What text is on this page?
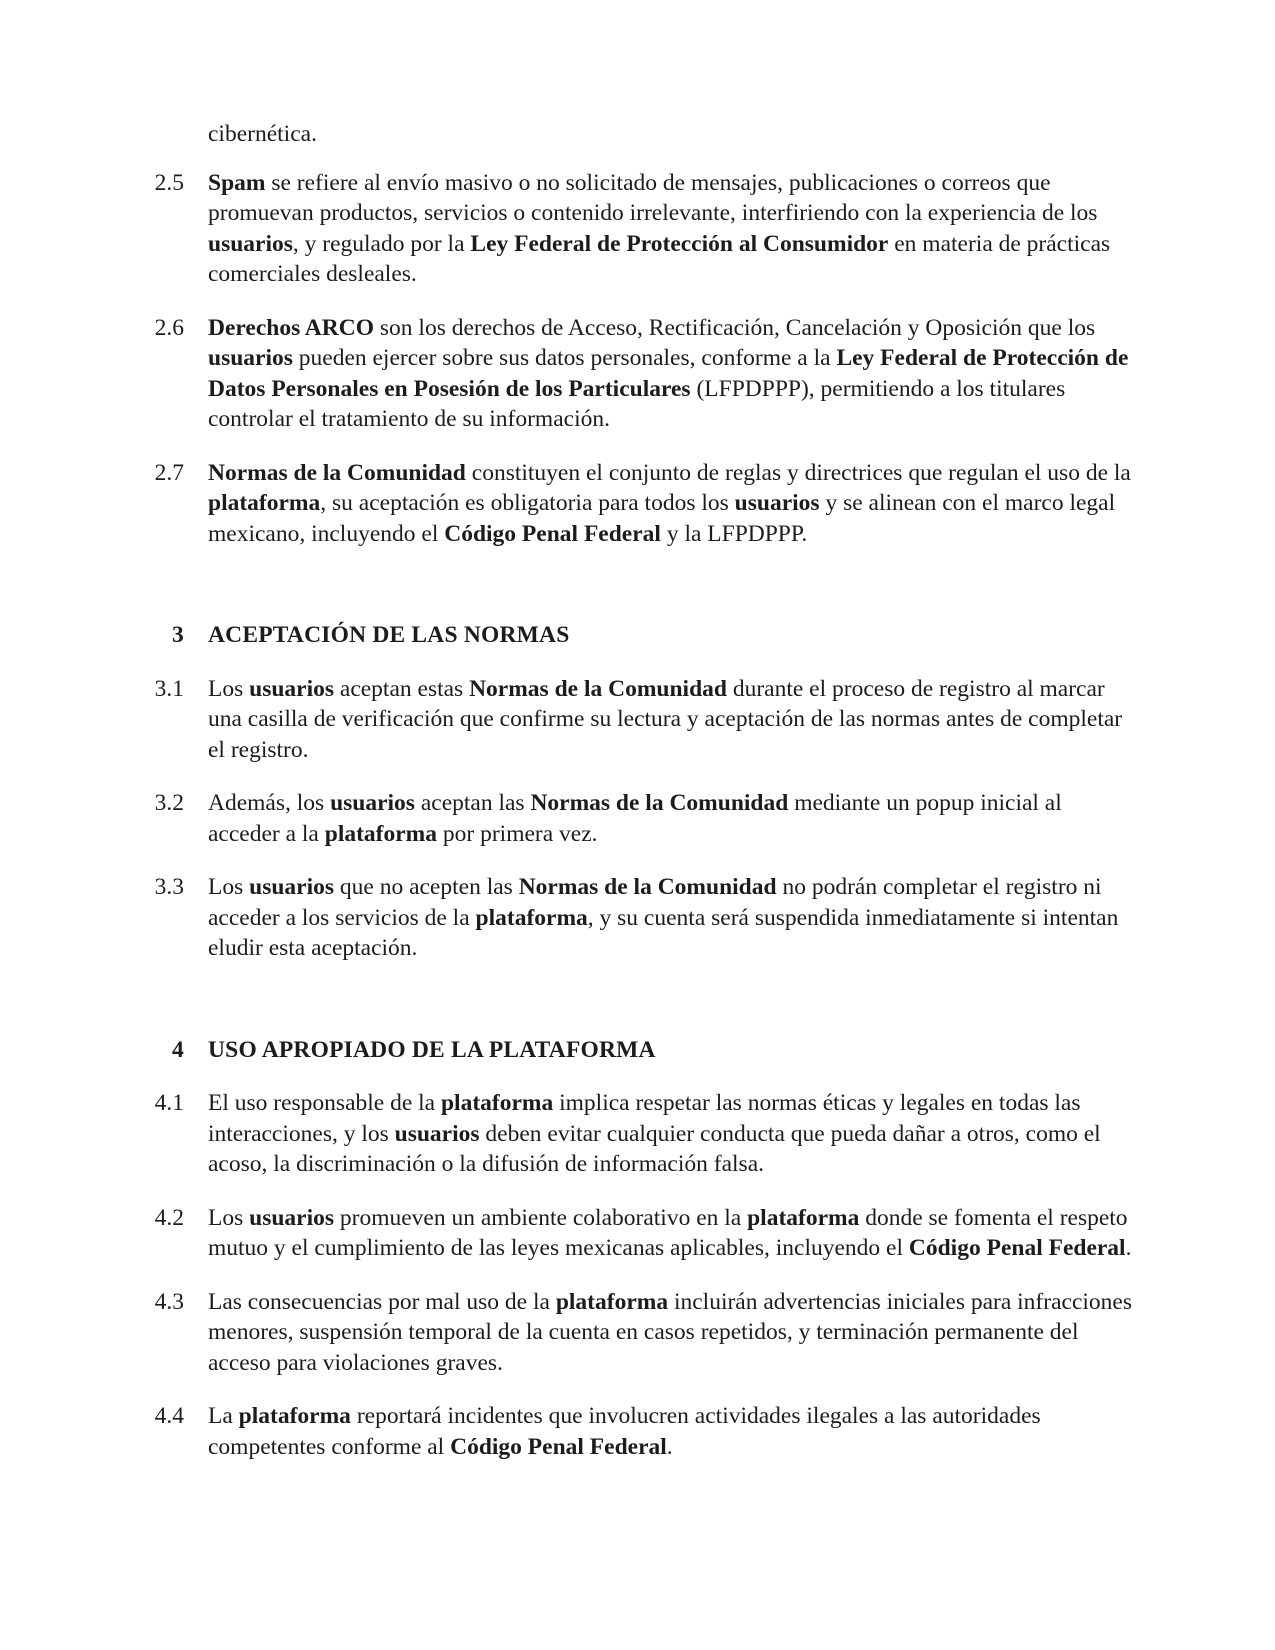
cibernética.
2.5 Spam se refiere al envío masivo o no solicitado de mensajes, publicaciones o correos que promuevan productos, servicios o contenido irrelevante, interfiriendo con la experiencia de los usuarios, y regulado por la Ley Federal de Protección al Consumidor en materia de prácticas comerciales desleales.
2.6 Derechos ARCO son los derechos de Acceso, Rectificación, Cancelación y Oposición que los usuarios pueden ejercer sobre sus datos personales, conforme a la Ley Federal de Protección de Datos Personales en Posesión de los Particulares (LFPDPPP), permitiendo a los titulares controlar el tratamiento de su información.
2.7 Normas de la Comunidad constituyen el conjunto de reglas y directrices que regulan el uso de la plataforma, su aceptación es obligatoria para todos los usuarios y se alinean con el marco legal mexicano, incluyendo el Código Penal Federal y la LFPDPPP.
3 ACEPTACIÓN DE LAS NORMAS
3.1 Los usuarios aceptan estas Normas de la Comunidad durante el proceso de registro al marcar una casilla de verificación que confirme su lectura y aceptación de las normas antes de completar el registro.
3.2 Además, los usuarios aceptan las Normas de la Comunidad mediante un popup inicial al acceder a la plataforma por primera vez.
3.3 Los usuarios que no acepten las Normas de la Comunidad no podrán completar el registro ni acceder a los servicios de la plataforma, y su cuenta será suspendida inmediatamente si intentan eludir esta aceptación.
4 USO APROPIADO DE LA PLATAFORMA
4.1 El uso responsable de la plataforma implica respetar las normas éticas y legales en todas las interacciones, y los usuarios deben evitar cualquier conducta que pueda dañar a otros, como el acoso, la discriminación o la difusión de información falsa.
4.2 Los usuarios promueven un ambiente colaborativo en la plataforma donde se fomenta el respeto mutuo y el cumplimiento de las leyes mexicanas aplicables, incluyendo el Código Penal Federal.
4.3 Las consecuencias por mal uso de la plataforma incluirán advertencias iniciales para infracciones menores, suspensión temporal de la cuenta en casos repetidos, y terminación permanente del acceso para violaciones graves.
4.4 La plataforma reportará incidentes que involucren actividades ilegales a las autoridades competentes conforme al Código Penal Federal.
